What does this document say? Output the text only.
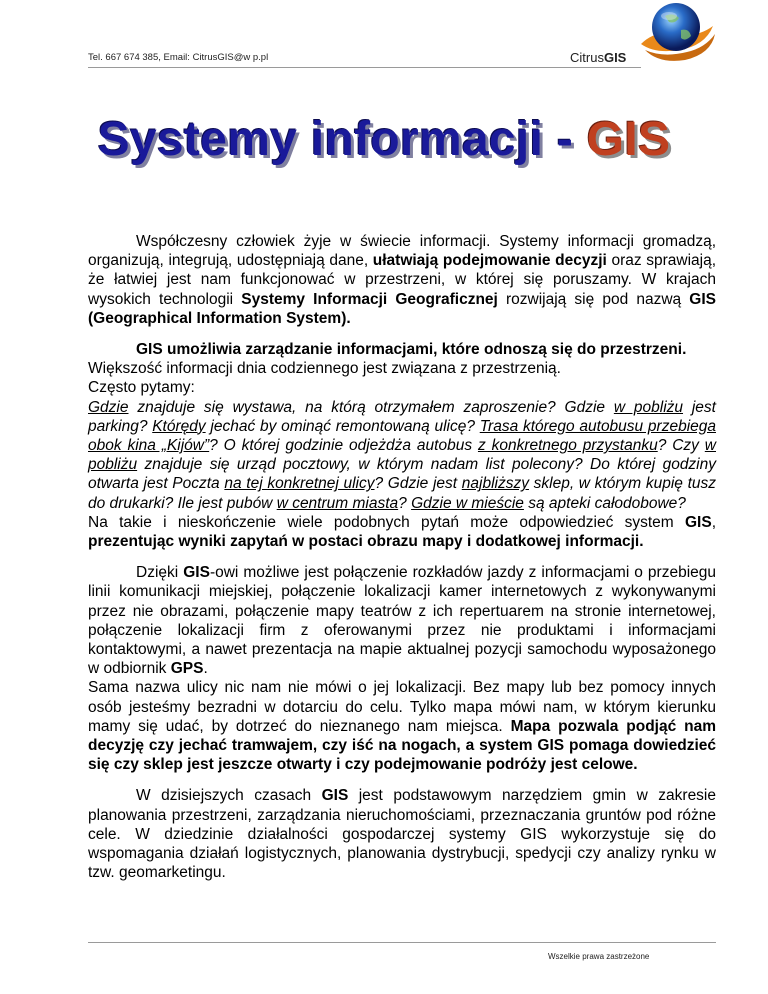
Tel. 667 674 385, Email: CitrusGIS@w p.pl	CitrusGIS
Systemy informacji - GIS

Współczesny człowiek żyje w świecie informacji. Systemy informacji gromadzą, organizują, integrują, udostępniają dane, ułatwiają podejmowanie decyzji oraz sprawiają, że łatwiej jest nam funkcjonować w przestrzeni, w której się poruszamy. W krajach wysokich technologii Systemy Informacji Geograficznej rozwijają się pod nazwą GIS (Geographical Information System).

GIS umożliwia zarządzanie informacjami, które odnoszą się do przestrzeni.
Większość informacji dnia codziennego jest związana z przestrzenią.
Często pytamy:
Gdzie znajduje się wystawa, na którą otrzymałem zaproszenie? Gdzie w pobliżu jest parking? Którędy jechać by ominąć remontowaną ulicę? Trasa którego autobusu przebiega obok kina „Kijów”? O której godzinie odjeżdża autobus z konkretnego przystanku? Czy w pobliżu znajduje się urząd pocztowy, w którym nadam list polecony? Do której godziny otwarta jest Poczta na tej konkretnej ulicy? Gdzie jest najbliższy sklep, w którym kupię tusz do drukarki? Ile jest pubów w centrum miasta? Gdzie w mieście są apteki całodobowe?
Na takie i nieskończenie wiele podobnych pytań może odpowiedzieć system GIS, prezentując wyniki zapytań w postaci obrazu mapy i dodatkowej informacji.

Dzięki GIS-owi możliwe jest połączenie rozkładów jazdy z informacjami o przebiegu linii komunikacji miejskiej, połączenie lokalizacji kamer internetowych z wykonywanymi przez nie obrazami, połączenie mapy teatrów z ich repertuarem na stronie internetowej, połączenie lokalizacji firm z oferowanymi przez nie produktami i informacjami kontaktowymi, a nawet prezentacja na mapie aktualnej pozycji samochodu wyposażonego w odbiornik GPS.
Sama nazwa ulicy nic nam nie mówi o jej lokalizacji. Bez mapy lub bez pomocy innych osób jesteśmy bezradni w dotarciu do celu. Tylko mapa mówi nam, w którym kierunku mamy się udać, by dotrzeć do nieznanego nam miejsca. Mapa pozwala podjąć nam decyzję czy jechać tramwajem, czy iść na nogach, a system GIS pomaga dowiedzieć się czy sklep jest jeszcze otwarty i czy podejmowanie podróży jest celowe.

W dzisiejszych czasach GIS jest podstawowym narzędziem gmin w zakresie planowania przestrzeni, zarządzania nieruchomościami, przeznaczania gruntów pod różne cele. W dziedzinie działalności gospodarczej systemy GIS wykorzystuje się do wspomagania działań logistycznych, planowania dystrybucji, spedycji czy analizy rynku w tzw. geomarketingu.

Wszelkie prawa zastrzeżone
